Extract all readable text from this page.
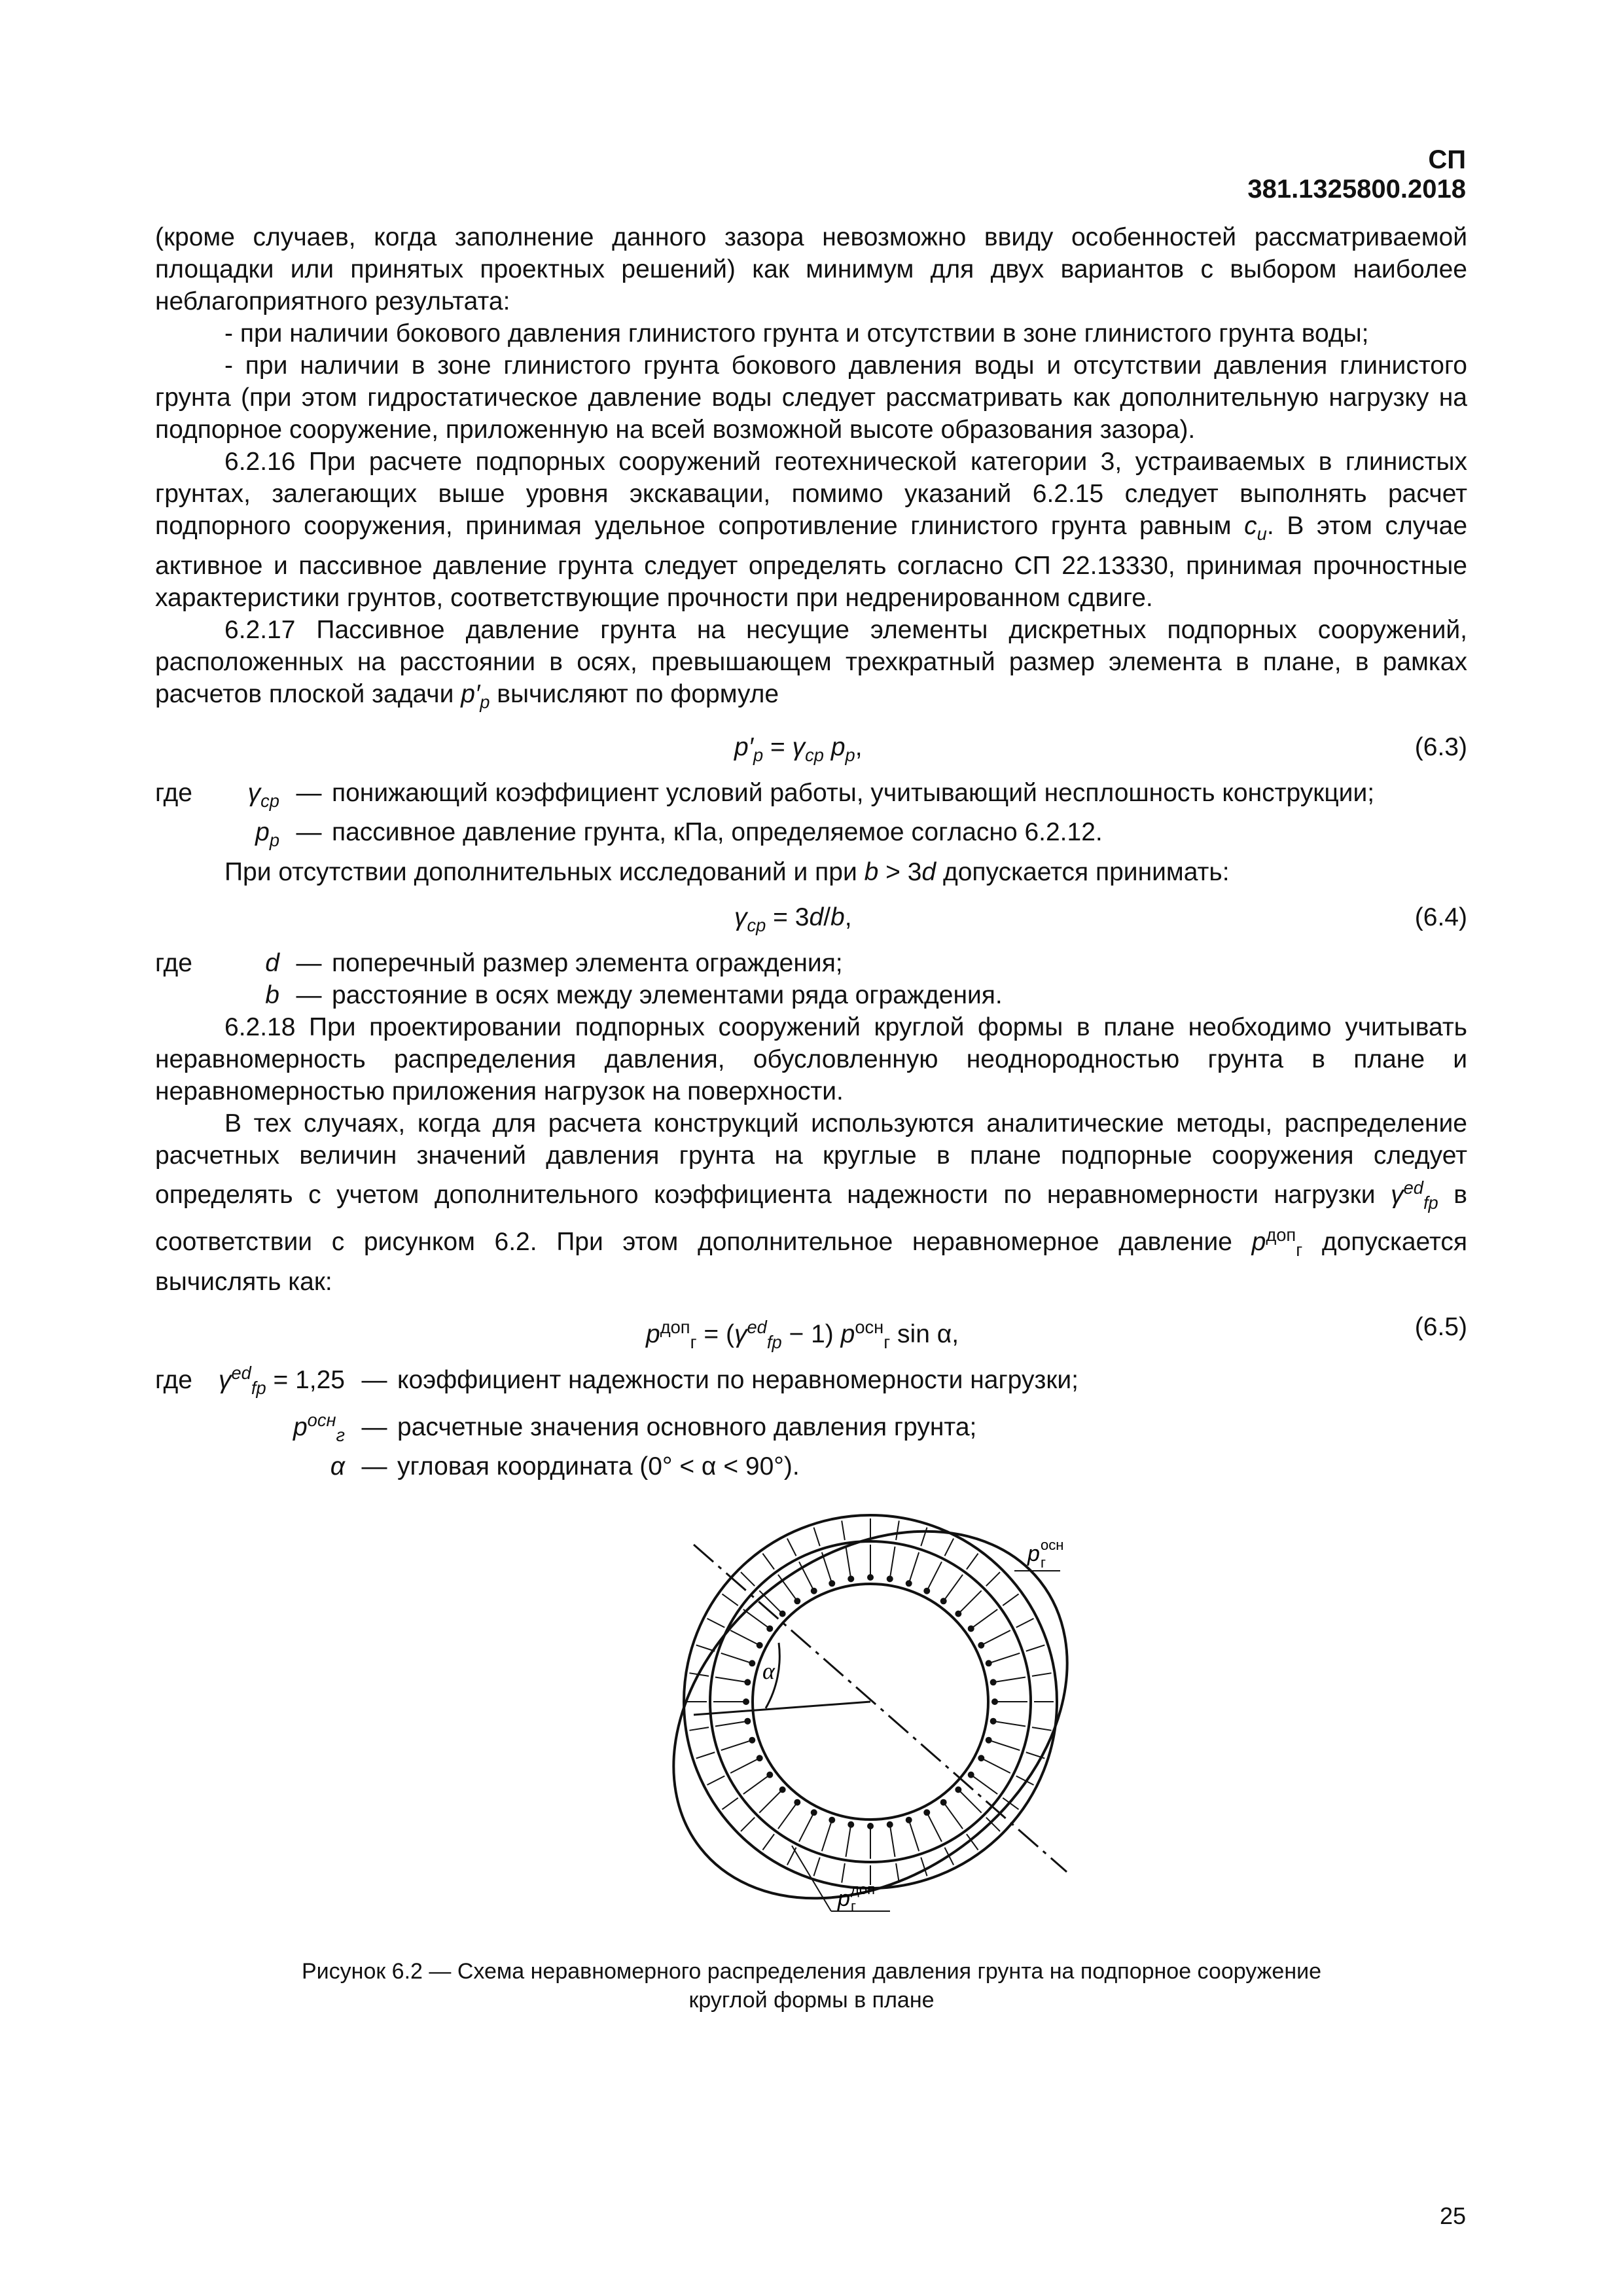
СП 381.1325800.2018

(кроме случаев, когда заполнение данного зазора невозможно ввиду особенностей рассматриваемой площадки или принятых проектных решений) как минимум для двух вариантов с выбором наиболее неблагоприятного результата:

- при наличии бокового давления глинистого грунта и отсутствии в зоне глинистого грунта воды;

- при наличии в зоне глинистого грунта бокового давления воды и отсутствии давления глинистого грунта (при этом гидростатическое давление воды следует рассматривать как дополнительную нагрузку на подпорное сооружение, приложенную на всей возможной высоте образования зазора).

6.2.16 При расчете подпорных сооружений геотехнической категории 3, устраиваемых в глинистых грунтах, залегающих выше уровня экскавации, помимо указаний 6.2.15 следует выполнять расчет подпорного сооружения, принимая удельное сопротивление глинистого грунта равным $c_u$. В этом случае активное и пассивное давление грунта следует определять согласно СП 22.13330, принимая прочностные характеристики грунтов, соответствующие прочности при недренированном сдвиге.

6.2.17 Пассивное давление грунта на несущие элементы дискретных подпорных сооружений, расположенных на расстоянии в осях, превышающем трехкратный размер элемента в плане, в рамках расчетов плоской задачи $p'_p$ вычисляют по формуле

$p'_p = \gamma_{cp}$ $p_p$,	(6.3)
где	$\gamma_{cp}$ — понижающий коэффициент условий работы, учитывающий несплошность конструкции;
$p_p$ — пассивное давление грунта, кПа, определяемое согласно 6.2.12.

При отсутствии дополнительных исследований и при b > 3d допускается принимать:

$\gamma_{cp} = 3d/b$,	(6.4)
где	d — поперечный размер элемента ограждения;
b — расстояние в осях между элементами ряда ограждения.

6.2.18 При проектировании подпорных сооружений круглой формы в плане необходимо учитывать неравномерность распределения давления, обусловленную неоднородностью грунта в плане и неравномерностью приложения нагрузок на поверхности.

В тех случаях, когда для расчета конструкций используются аналитические методы, распределение расчетных величин значений давления грунта на круглые в плане подпорные сооружения следует определять с учетом дополнительного коэффициента надежности по неравномерности нагрузки $\gamma^{ed}_{fp}$ в соответствии с рисунком 6.2. При этом дополнительное неравномерное давление $p^{доп}_г$ допускается вычислять как:

$p^{доп}_г = (\gamma^{ed}_{fp} - 1)$ $p^{осн}_г$ sin α,	(6.5)
где	$\gamma^{ed}_{fp} = 1,25$ — коэффициент надежности по неравномерности нагрузки;
$p^{осн}_г$ — расчетные значения основного давления грунта;
α — угловая координата (0° < α < 90°).
α
p осн
г
p доп
г
Рисунок 6.2 — Схема неравномерного распределения давления грунта на подпорное сооружение
круглой формы в плане
25
